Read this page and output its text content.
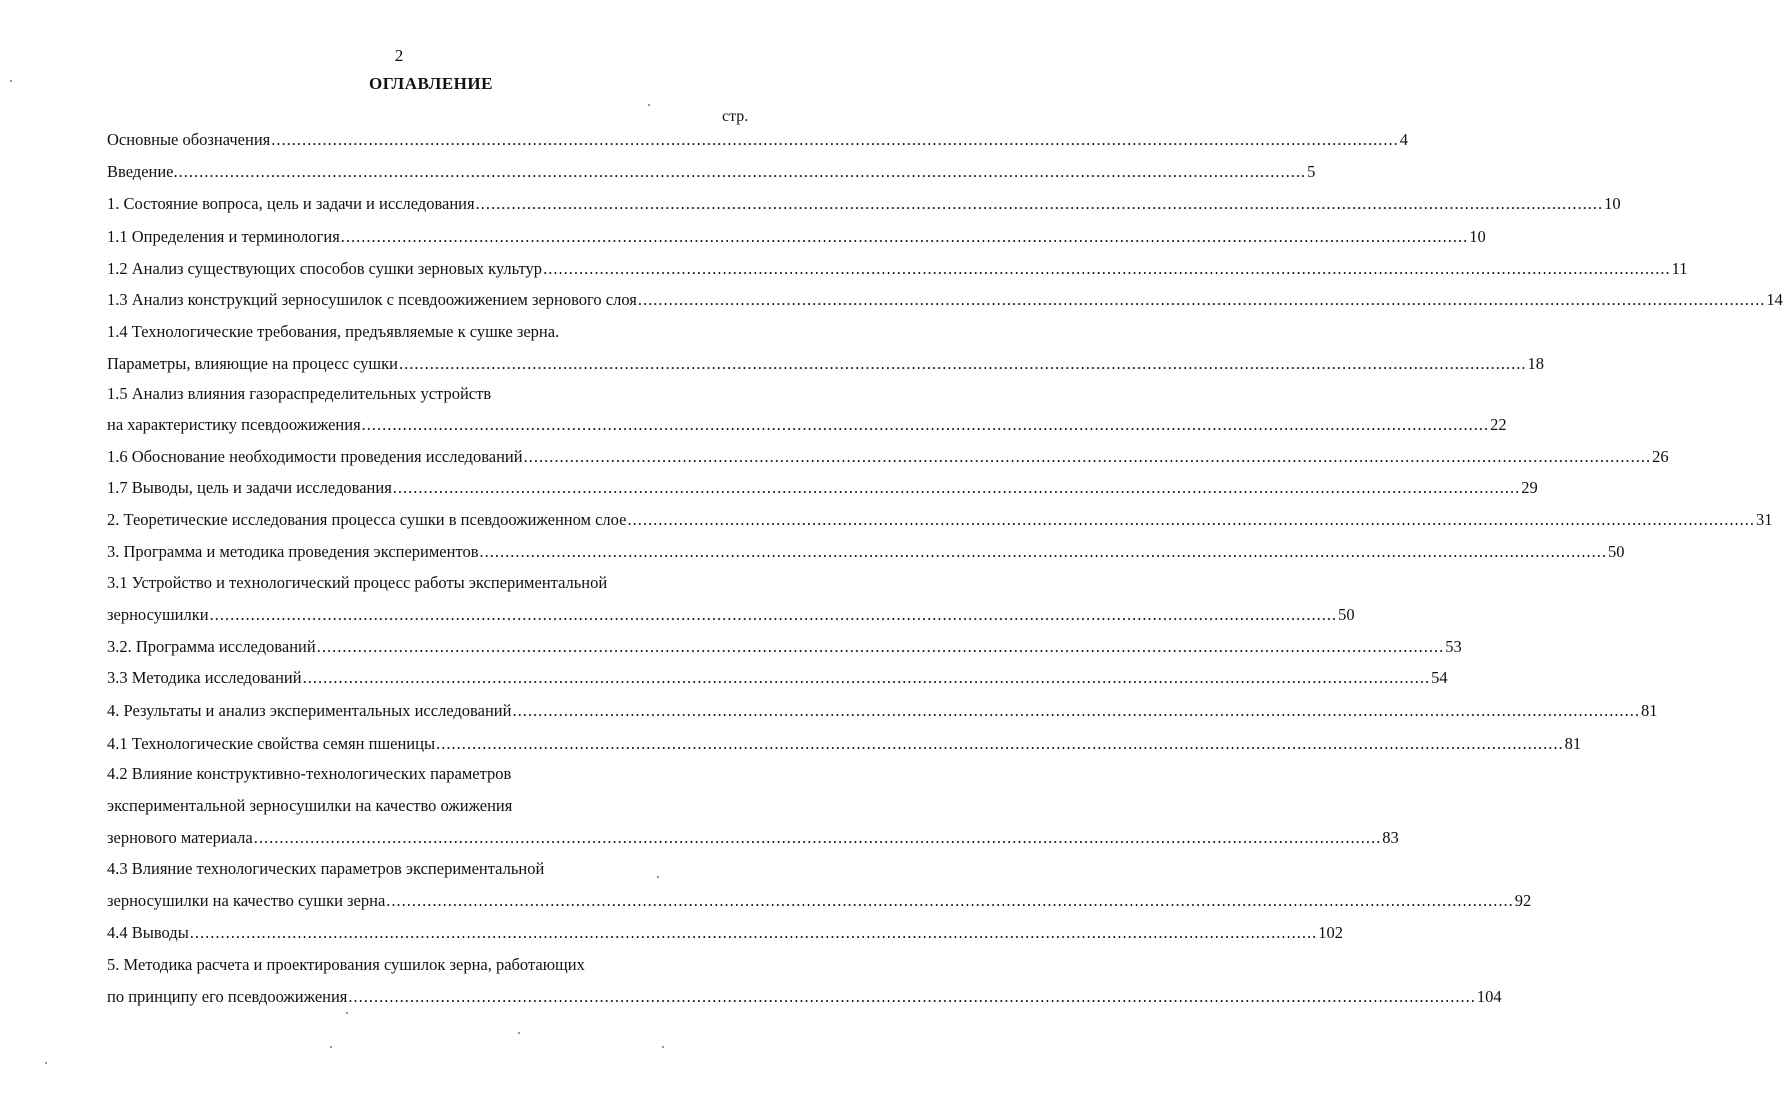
2
ОГЛАВЛЕНИЕ
стр.
Основные обозначения ............................................................................................................................................................................................................................ 4
Введение. ............................................................................................................................................................................................................................ 5
1. Состояние вопроса, цель и задачи и исследования ............................................................................................................................................................................................................................ 10
1.1 Определения и терминология ............................................................................................................................................................................................................................ 10
1.2 Анализ существующих способов сушки зерновых культур ............................................................................................................................................................................................................................ 11
1.3 Анализ конструкций зерносушилок с псевдоожижением зернового слоя ............................................................................................................................................................................................................................ 14
1.4 Технологические требования, предъявляемые к сушке зерна.
Параметры, влияющие на процесс сушки ............................................................................................................................................................................................................................ 18
1.5 Анализ влияния газораспределительных устройств
на характеристику псевдоожижения ............................................................................................................................................................................................................................ 22
1.6 Обоснование необходимости проведения исследований ............................................................................................................................................................................................................................ 26
1.7 Выводы, цель и задачи исследования ............................................................................................................................................................................................................................ 29
2. Теоретические исследования процесса сушки в псевдоожиженном слое ............................................................................................................................................................................................................................ 31
3. Программа и методика проведения экспериментов ............................................................................................................................................................................................................................ 50
3.1 Устройство и технологический процесс работы экспериментальной
зерносушилки ............................................................................................................................................................................................................................ 50
3.2. Программа исследований ............................................................................................................................................................................................................................ 53
3.3 Методика исследований ............................................................................................................................................................................................................................ 54
4. Результаты и анализ экспериментальных исследований ............................................................................................................................................................................................................................ 81
4.1 Технологические свойства семян пшеницы ............................................................................................................................................................................................................................ 81
4.2 Влияние конструктивно-технологических параметров
экспериментальной зерносушилки на качество ожижения
зернового материала ............................................................................................................................................................................................................................ 83
4.3 Влияние технологических параметров экспериментальной
зерносушилки на качество сушки зерна ............................................................................................................................................................................................................................ 92
4.4 Выводы ............................................................................................................................................................................................................................ 102
5. Методика расчета и проектирования сушилок зерна, работающих
по принципу его псевдоожижения ............................................................................................................................................................................................................................ 104
